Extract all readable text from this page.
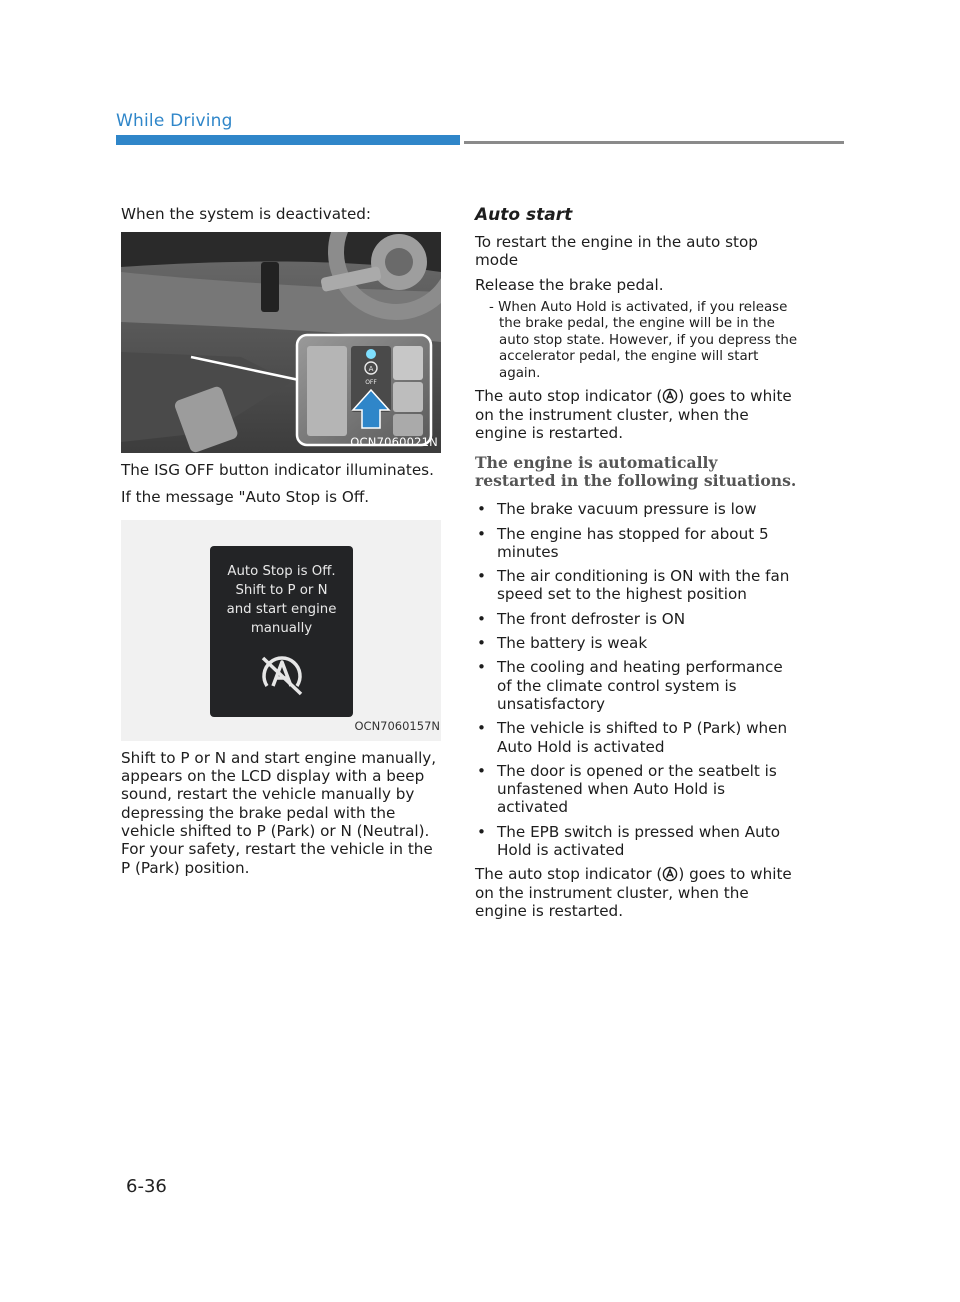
While Driving

When the system is deactivated:

A
OFF
OCN7060021N

The ISG OFF button indicator illuminates.

If the message "Auto Stop is Off.

Auto Stop is Off.
Shift to P or N
and start engine
manually
OCN7060157N

Shift to P or N and start engine manually, appears on the LCD display with a beep sound, restart the vehicle manually by depressing the brake pedal with the vehicle shifted to P (Park) or N (Neutral). For your safety, restart the vehicle in the P (Park) position.

Auto start

To restart the engine in the auto stop mode

Release the brake pedal.

- When Auto Hold is activated, if you release the brake pedal, the engine will be in the auto stop state. However, if you depress the accelerator pedal, the engine will start again.

The auto stop indicator ( ) goes to white on the instrument cluster, when the engine is restarted.

The engine is automatically restarted in the following situations.
• The brake vacuum pressure is low
• The engine has stopped for about 5 minutes
• The air conditioning is ON with the fan speed set to the highest position
• The front defroster is ON
• The battery is weak
• The cooling and heating performance of the climate control system is unsatisfactory
• The vehicle is shifted to P (Park) when Auto Hold is activated
• The door is opened or the seatbelt is unfastened when Auto Hold is activated
• The EPB switch is pressed when Auto Hold is activated

The auto stop indicator ( ) goes to white on the instrument cluster, when the engine is restarted.

6-36
